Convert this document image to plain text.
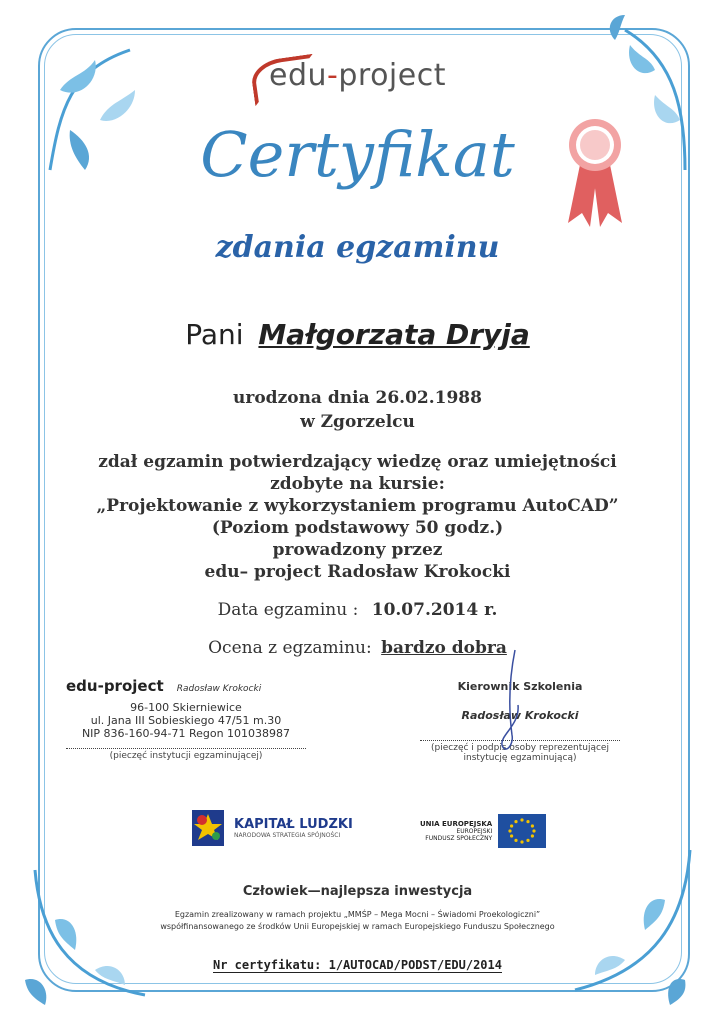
edu-project
Certyfikat
zdania egzaminu
Pani Małgorzata Dryja
urodzona dnia 26.02.1988
w Zgorzelcu
zdał egzamin potwierdzający wiedzę oraz umiejętności
zdobyte na kursie:
„Projektowanie z wykorzystaniem programu AutoCAD”
(Poziom podstawowy 50 godz.)
prowadzony przez
edu– project Radosław Krokocki
Data egzaminu : 10.07.2014 r.
Ocena z egzaminu: bardzo dobra
edu-project Radosław Krokocki
96-100 Skierniewice
ul. Jana III Sobieskiego 47/51 m.30
NIP 836-160-94-71 Regon 101038987
(pieczęć instytucji egzaminującej)
Kierownik Szkolenia
Radosław Krokocki
(pieczęć i podpis osoby reprezentującej
instytucję egzaminującą)
KAPITAŁ LUDZKI
NARODOWA STRATEGIA SPÓJNOŚCI
UNIA EUROPEJSKA
EUROPEJSKI
FUNDUSZ SPOŁECZNY
Człowiek—najlepsza inwestycja
Egzamin zrealizowany w ramach projektu „MMŚP – Mega Mocni – Świadomi Proekologiczni”
współfinansowanego ze środków Unii Europejskiej w ramach Europejskiego Funduszu Społecznego
Nr certyfikatu: 1/AUTOCAD/PODST/EDU/2014
